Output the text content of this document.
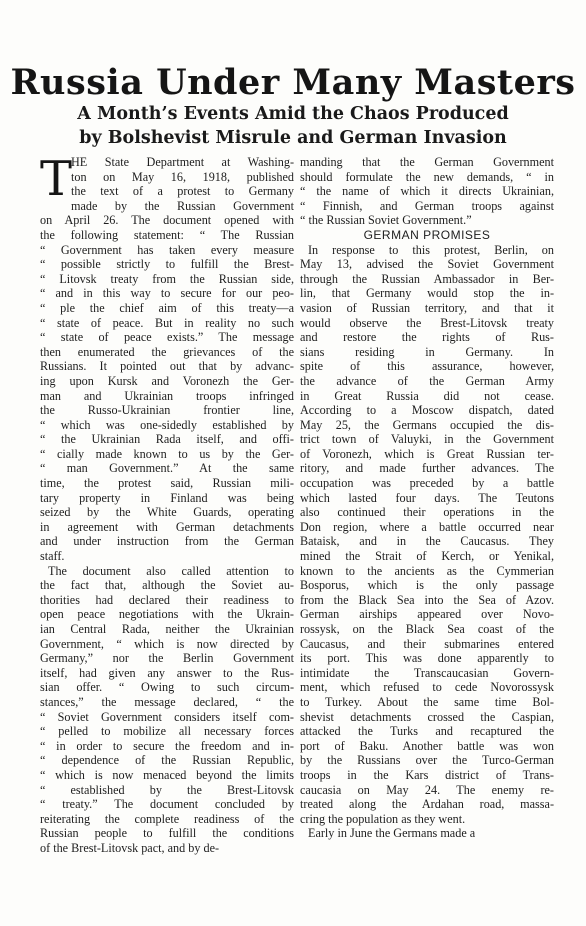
Russia Under Many Masters
A Month’s Events Amid the Chaos Produced
by Bolshevist Misrule and German Invasion
T
HE State Department at Washing-
ton on May 16, 1918, published
the text of a protest to Germany
made by the Russian Government
on April 26. The document opened with
the following statement: “ The Russian
“ Government has taken every measure
“ possible strictly to fulfill the Brest-
“ Litovsk treaty from the Russian side,
“ and in this way to secure for our peo-
“ ple the chief aim of this treaty—a
“ state of peace. But in reality no such
“ state of peace exists.” The message
then enumerated the grievances of the
Russians. It pointed out that by advanc-
ing upon Kursk and Voronezh the Ger-
man and Ukrainian troops infringed
the Russo-Ukrainian frontier line,
“ which was one-sidedly established by
“ the Ukrainian Rada itself, and offi-
“ cially made known to us by the Ger-
“ man Government.” At the same
time, the protest said, Russian mili-
tary property in Finland was being
seized by the White Guards, operating
in agreement with German detachments
and under instruction from the German
staff.
The document also called attention to
the fact that, although the Soviet au-
thorities had declared their readiness to
open peace negotiations with the Ukrain-
ian Central Rada, neither the Ukrainian
Government, “ which is now directed by
Germany,” nor the Berlin Government
itself, had given any answer to the Rus-
sian offer. “ Owing to such circum-
stances,” the message declared, “ the
“ Soviet Government considers itself com-
“ pelled to mobilize all necessary forces
“ in order to secure the freedom and in-
“ dependence of the Russian Republic,
“ which is now menaced beyond the limits
“ established by the Brest-Litovsk
“ treaty.” The document concluded by
reiterating the complete readiness of the
Russian people to fulfill the conditions
of the Brest-Litovsk pact, and by de-
manding that the German Government
should formulate the new demands, “ in
“ the name of which it directs Ukrainian,
“ Finnish, and German troops against
“ the Russian Soviet Government.”
GERMAN PROMISES
In response to this protest, Berlin, on
May 13, advised the Soviet Government
through the Russian Ambassador in Ber-
lin, that Germany would stop the in-
vasion of Russian territory, and that it
would observe the Brest-Litovsk treaty
and restore the rights of Rus-
sians residing in Germany. In
spite of this assurance, however,
the advance of the German Army
in Great Russia did not cease.
According to a Moscow dispatch, dated
May 25, the Germans occupied the dis-
trict town of Valuyki, in the Government
of Voronezh, which is Great Russian ter-
ritory, and made further advances. The
occupation was preceded by a battle
which lasted four days. The Teutons
also continued their operations in the
Don region, where a battle occurred near
Bataisk, and in the Caucasus. They
mined the Strait of Kerch, or Yenikal,
known to the ancients as the Cymmerian
Bosporus, which is the only passage
from the Black Sea into the Sea of Azov.
German airships appeared over Novo-
rossysk, on the Black Sea coast of the
Caucasus, and their submarines entered
its port. This was done apparently to
intimidate the Transcaucasian Govern-
ment, which refused to cede Novorossysk
to Turkey. About the same time Bol-
shevist detachments crossed the Caspian,
attacked the Turks and recaptured the
port of Baku. Another battle was won
by the Russians over the Turco-German
troops in the Kars district of Trans-
caucasia on May 24. The enemy re-
treated along the Ardahan road, massa-
cring the population as they went.
Early in June the Germans made a
